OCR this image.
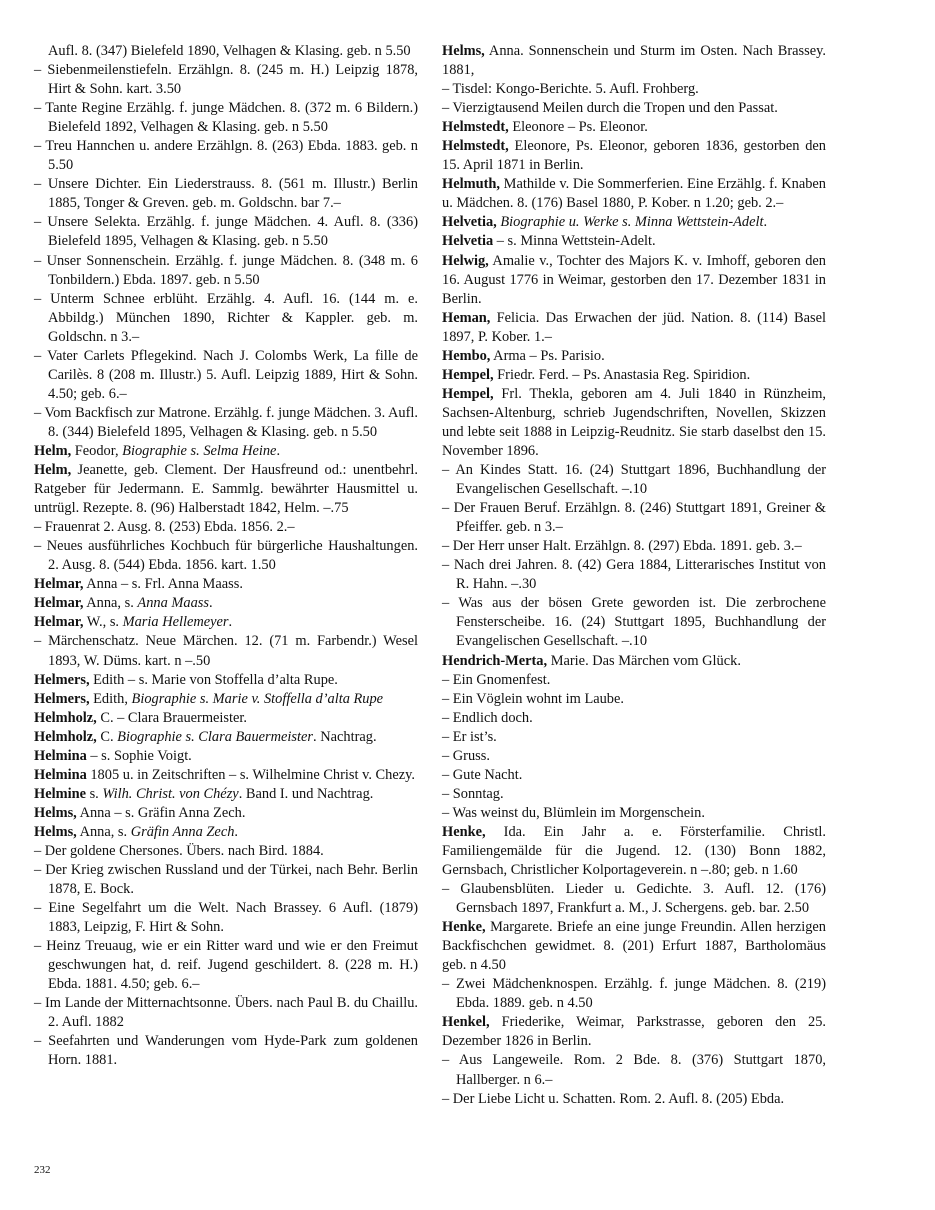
Aufl. 8. (347) Bielefeld 1890, Velhagen & Klasing. geb. n 5.50

– Siebenmeilenstiefeln. Erzählgn. 8. (245 m. H.) Leipzig 1878, Hirt & Sohn. kart. 3.50

– Tante Regine Erzählg. f. junge Mädchen. 8. (372 m. 6 Bildern.) Bielefeld 1892, Velhagen & Klasing. geb. n 5.50

– Treu Hannchen u. andere Erzählgn. 8. (263) Ebda. 1883. geb. n 5.50

– Unsere Dichter. Ein Liederstrauss. 8. (561 m. Illustr.) Berlin 1885, Tonger & Greven. geb. m. Goldschn. bar 7.–

– Unsere Selekta. Erzählg. f. junge Mädchen. 4. Aufl. 8. (336) Bielefeld 1895, Velhagen & Klasing. geb. n 5.50

– Unser Sonnenschein. Erzählg. f. junge Mädchen. 8. (348 m. 6 Tonbildern.) Ebda. 1897. geb. n 5.50

– Unterm Schnee erblüht. Erzählg. 4. Aufl. 16. (144 m. e. Abbildg.) München 1890, Richter & Kappler. geb. m. Goldschn. n 3.–

– Vater Carlets Pflegekind. Nach J. Colombs Werk, La fille de Carilès. 8 (208 m. Illustr.) 5. Aufl. Leipzig 1889, Hirt & Sohn. 4.50; geb. 6.–

– Vom Backfisch zur Matrone. Erzählg. f. junge Mädchen. 3. Aufl. 8. (344) Bielefeld 1895, Velhagen & Klasing. geb. n 5.50

Helm, Feodor, Biographie s. Selma Heine.

Helm, Jeanette, geb. Clement. Der Hausfreund od.: unentbehrl. Ratgeber für Jedermann. E. Sammlg. bewährter Hausmittel u. untrügl. Rezepte. 8. (96) Halberstadt 1842, Helm. –.75

– Frauenrat 2. Ausg. 8. (253) Ebda. 1856. 2.–

– Neues ausführliches Kochbuch für bürgerliche Haushaltungen. 2. Ausg. 8. (544) Ebda. 1856. kart. 1.50

Helmar, Anna – s. Frl. Anna Maass.

Helmar, Anna, s. Anna Maass.

Helmar, W., s. Maria Hellemeyer.

– Märchenschatz. Neue Märchen. 12. (71 m. Farbendr.) Wesel 1893, W. Düms. kart. n –.50

Helmers, Edith – s. Marie von Stoffella d’alta Rupe.

Helmers, Edith, Biographie s. Marie v. Stoffella d’alta Rupe

Helmholz, C. – Clara Brauermeister.

Helmholz, C. Biographie s. Clara Bauermeister. Nachtrag.

Helmina – s. Sophie Voigt.

Helmina 1805 u. in Zeitschriften – s. Wilhelmine Christ v. Chezy.

Helmine s. Wilh. Christ. von Chézy. Band I. und Nachtrag.

Helms, Anna – s. Gräfin Anna Zech.

Helms, Anna, s. Gräfin Anna Zech.

– Der goldene Chersones. Übers. nach Bird. 1884.

– Der Krieg zwischen Russland und der Türkei, nach Behr. Berlin 1878, E. Bock.

– Eine Segelfahrt um die Welt. Nach Brassey. 6 Aufl. (1879) 1883, Leipzig, F. Hirt & Sohn.

– Heinz Treuaug, wie er ein Ritter ward und wie er den Freimut geschwungen hat, d. reif. Jugend geschildert. 8. (228 m. H.) Ebda. 1881. 4.50; geb. 6.–

– Im Lande der Mitternachtsonne. Übers. nach Paul B. du Chaillu. 2. Aufl. 1882

– Seefahrten und Wanderungen vom Hyde-Park zum goldenen Horn. 1881.

Helms, Anna. Sonnenschein und Sturm im Osten. Nach Brassey. 1881,

– Tisdel: Kongo-Berichte. 5. Aufl. Frohberg.

– Vierzigtausend Meilen durch die Tropen und den Passat.

Helmstedt, Eleonore – Ps. Eleonor.

Helmstedt, Eleonore, Ps. Eleonor, geboren 1836, gestorben den 15. April 1871 in Berlin.

Helmuth, Mathilde v. Die Sommerferien. Eine Erzählg. f. Knaben u. Mädchen. 8. (176) Basel 1880, P. Kober. n 1.20; geb. 2.–

Helvetia, Biographie u. Werke s. Minna Wettstein-Adelt.

Helvetia – s. Minna Wettstein-Adelt.

Helwig, Amalie v., Tochter des Majors K. v. Imhoff, geboren den 16. August 1776 in Weimar, gestorben den 17. Dezember 1831 in Berlin.

Heman, Felicia. Das Erwachen der jüd. Nation. 8. (114) Basel 1897, P. Kober. 1.–

Hembo, Arma – Ps. Parisio.

Hempel, Friedr. Ferd. – Ps. Anastasia Reg. Spiridion.

Hempel, Frl. Thekla, geboren am 4. Juli 1840 in Rünzheim, Sachsen-Altenburg, schrieb Jugendschriften, Novellen, Skizzen und lebte seit 1888 in Leipzig-Reudnitz. Sie starb daselbst den 15. November 1896.

– An Kindes Statt. 16. (24) Stuttgart 1896, Buchhandlung der Evangelischen Gesellschaft. –.10

– Der Frauen Beruf. Erzählgn. 8. (246) Stuttgart 1891, Greiner & Pfeiffer. geb. n 3.–

– Der Herr unser Halt. Erzählgn. 8. (297) Ebda. 1891. geb. 3.–

– Nach drei Jahren. 8. (42) Gera 1884, Litterarisches Institut von R. Hahn. –.30

– Was aus der bösen Grete geworden ist. Die zerbrochene Fensterscheibe. 16. (24) Stuttgart 1895, Buchhandlung der Evangelischen Gesellschaft. –.10

Hendrich-Merta, Marie. Das Märchen vom Glück.

– Ein Gnomenfest.

– Ein Vöglein wohnt im Laube.

– Endlich doch.

– Er ist’s.

– Gruss.

– Gute Nacht.

– Sonntag.

– Was weinst du, Blümlein im Morgenschein.

Henke, Ida. Ein Jahr a. e. Försterfamilie. Christl. Familiengemälde für die Jugend. 12. (130) Bonn 1882, Gernsbach, Christlicher Kolportageverein. n –.80; geb. n 1.60

– Glaubensblüten. Lieder u. Gedichte. 3. Aufl. 12. (176) Gernsbach 1897, Frankfurt a. M., J. Schergens. geb. bar. 2.50

Henke, Margarete. Briefe an eine junge Freundin. Allen herzigen Backfischchen gewidmet. 8. (201) Erfurt 1887, Bartholomäus geb. n 4.50

– Zwei Mädchenknospen. Erzählg. f. junge Mädchen. 8. (219) Ebda. 1889. geb. n 4.50

Henkel, Friederike, Weimar, Parkstrasse, geboren den 25. Dezember 1826 in Berlin.

– Aus Langeweile. Rom. 2 Bde. 8. (376) Stuttgart 1870, Hallberger. n 6.–

– Der Liebe Licht u. Schatten. Rom. 2. Aufl. 8. (205) Ebda.

232
